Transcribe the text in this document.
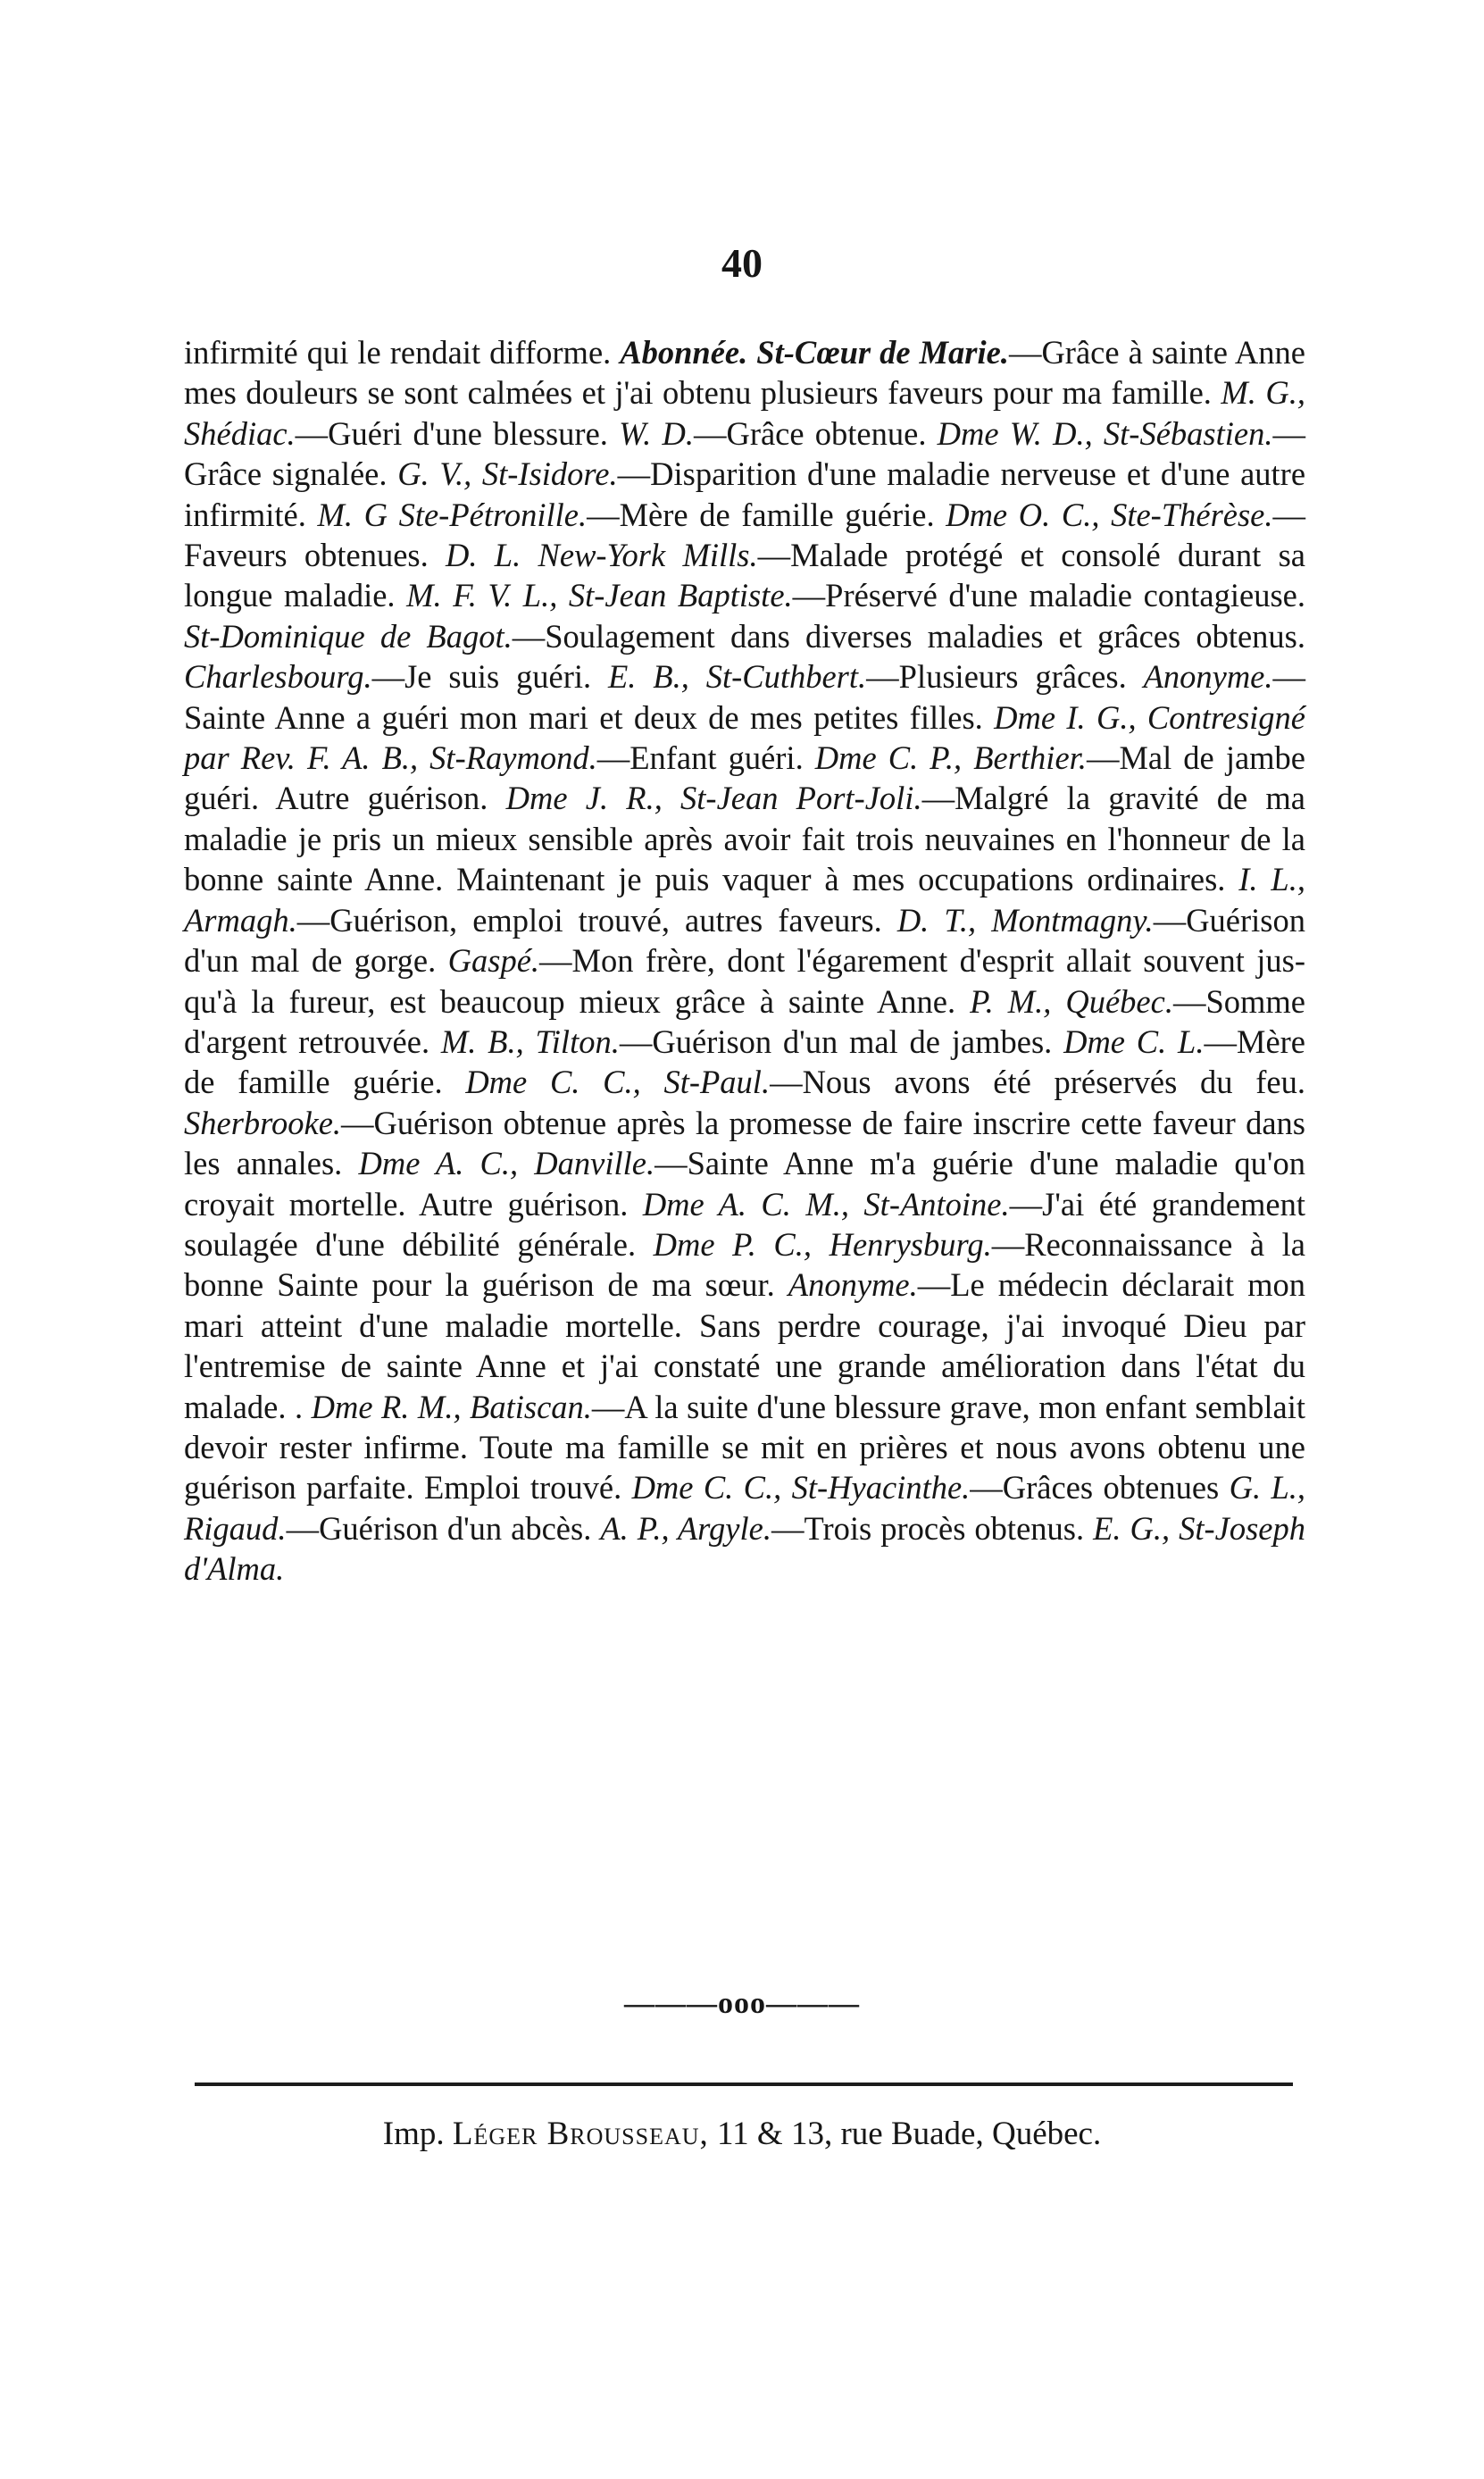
40

infirmité qui le rendait difforme. Abonnée. St-Cœur de Marie.—Grâce à sainte Anne mes douleurs se sont calmées et j'ai obtenu plusieurs faveurs pour ma famille. M. G., Shédiac.—Guéri d'une blessure. W. D.—Grâce obtenue. Dme W. D., St-Sébastien.—Grâce signalée. G. V., St-Isidore.—Disparition d'une maladie nerveuse et d'une autre infirmité. M. G Ste-Pétronille.—Mère de famille guérie. Dme O. C., Ste-Thérèse.—Faveurs obtenues. D. L. New-York Mills.—Malade protégé et consolé durant sa longue maladie. M. F. V. L., St-Jean Baptiste.—Préservé d'une maladie contagieuse. St-Dominique de Bagot.—Soulagement dans diverses maladies et grâces obtenus. Charlesbourg.—Je suis guéri. E. B., St-Cuthbert.—Plusieurs grâces. Anonyme.—Sainte Anne a guéri mon mari et deux de mes petites filles. Dme I. G., Contresigné par Rev. F. A. B., St-Raymond.—Enfant guéri. Dme C. P., Berthier.—Mal de jambe guéri. Autre guérison. Dme J. R., St-Jean Port-Joli.—Malgré la gravité de ma maladie je pris un mieux sensible après avoir fait trois neuvaines en l'honneur de la bonne sainte Anne. Maintenant je puis vaquer à mes occupations ordinaires. I. L., Armagh.—Guérison, emploi trouvé, autres faveurs. D. T., Montmagny.—Guérison d'un mal de gorge. Gaspé.—Mon frère, dont l'égarement d'esprit allait souvent jusqu'à la fureur, est beaucoup mieux grâce à sainte Anne. P. M., Québec.—Somme d'argent retrouvée. M. B., Tilton.—Guérison d'un mal de jambes. Dme C. L.—Mère de famille guérie. Dme C. C., St-Paul.—Nous avons été préservés du feu. Sherbrooke.—Guérison obtenue après la promesse de faire inscrire cette faveur dans les annales. Dme A. C., Danville.—Sainte Anne m'a guérie d'une maladie qu'on croyait mortelle. Autre guérison. Dme A. C. M., St-Antoine.—J'ai été grandement soulagée d'une débilité générale. Dme P. C., Henrysburg.—Reconnaissance à la bonne Sainte pour la guérison de ma sœur. Anonyme.—Le médecin déclarait mon mari atteint d'une maladie mortelle. Sans perdre courage, j'ai invoqué Dieu par l'entremise de sainte Anne et j'ai constaté une grande amélioration dans l'état du malade. . Dme R. M., Batiscan.—A la suite d'une blessure grave, mon enfant semblait devoir rester infirme. Toute ma famille se mit en prières et nous avons obtenu une guérison parfaite. Emploi trouvé. Dme C. C., St-Hyacinthe.—Grâces obtenues G. L., Rigaud.—Guérison d'un abcès. A. P., Argyle.—Trois procès obtenus. E. G., St-Joseph d'Alma.

———ooo———

Imp. Léger Brousseau, 11 & 13, rue Buade, Québec.
